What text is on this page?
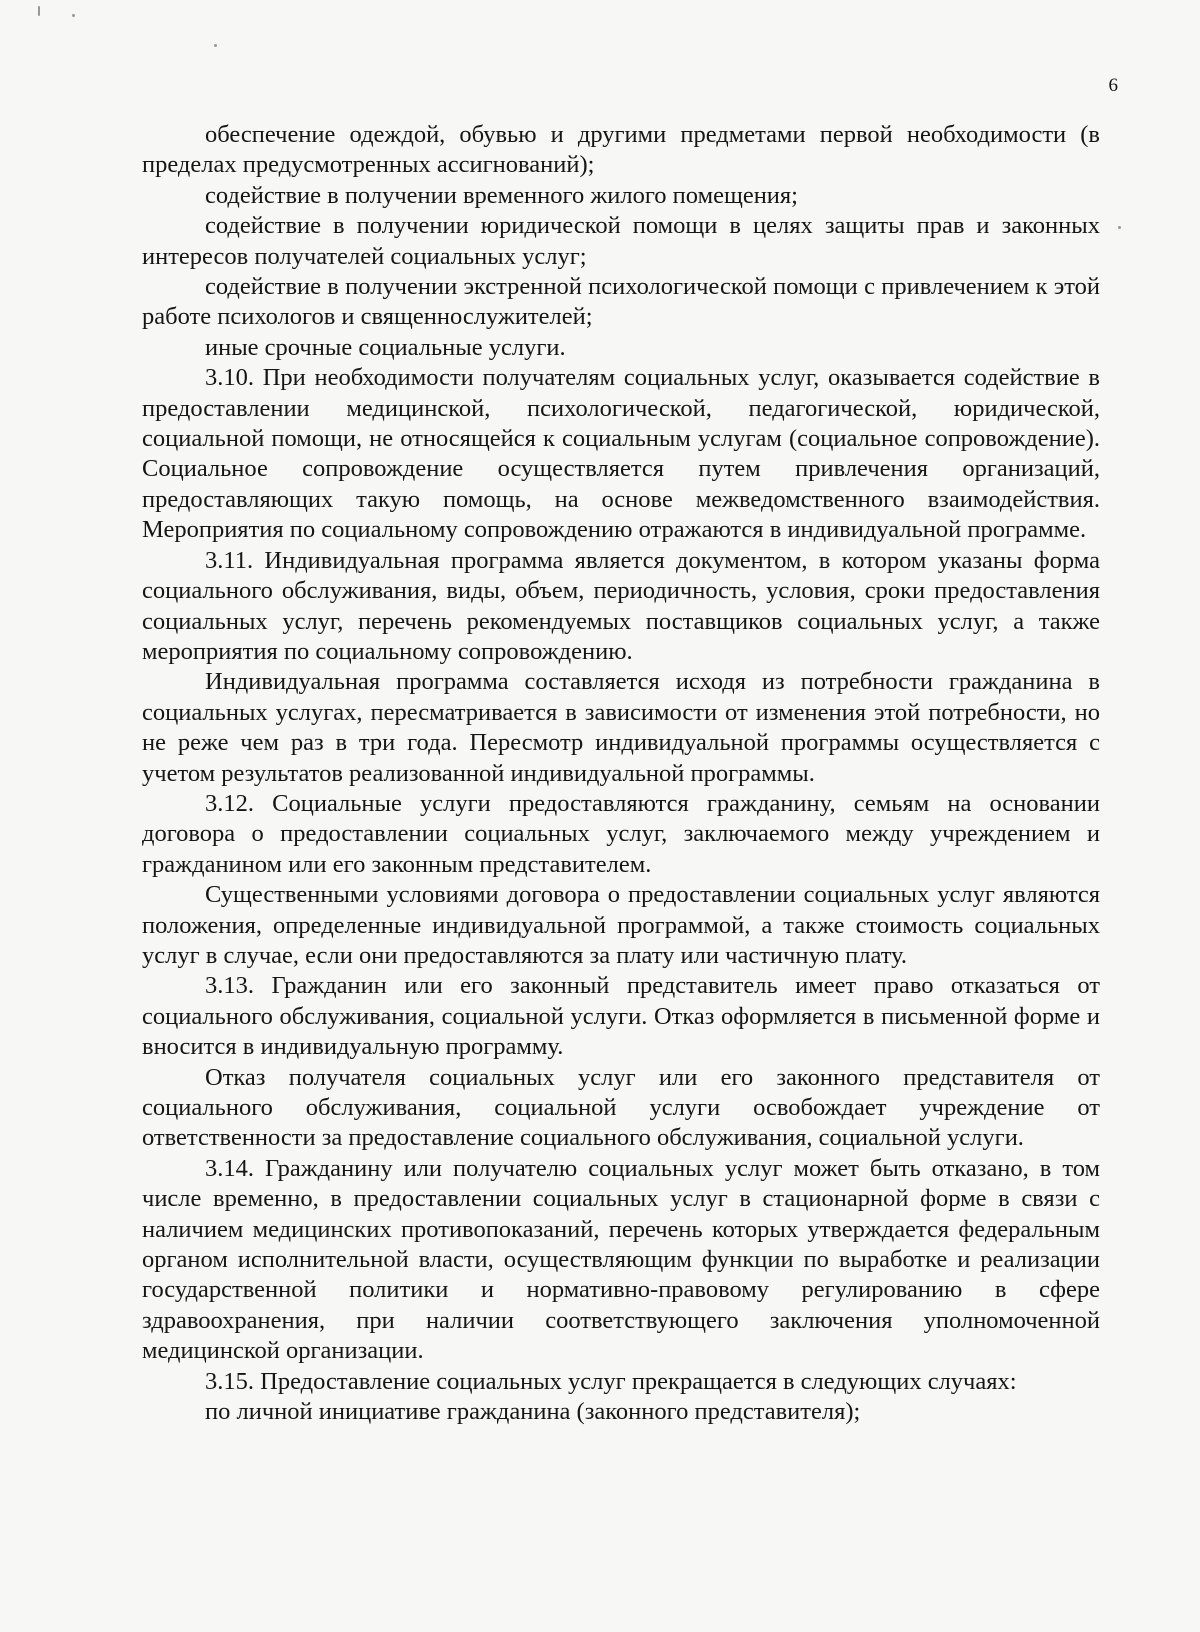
6

обеспечение одеждой, обувью и другими предметами первой необходимости (в пределах предусмотренных ассигнований);

содействие в получении временного жилого помещения;

содействие в получении юридической помощи в целях защиты прав и законных интересов получателей социальных услуг;

содействие в получении экстренной психологической помощи с привлечением к этой работе психологов и священнослужителей;

иные срочные социальные услуги.

3.10. При необходимости получателям социальных услуг, оказывается содействие в предоставлении медицинской, психологической, педагогической, юридической, социальной помощи, не относящейся к социальным услугам (социальное сопровождение). Социальное сопровождение осуществляется путем привлечения организаций, предоставляющих такую помощь, на основе межведомственного взаимодействия. Мероприятия по социальному сопровождению отражаются в индивидуальной программе.

3.11. Индивидуальная программа является документом, в котором указаны форма социального обслуживания, виды, объем, периодичность, условия, сроки предоставления социальных услуг, перечень рекомендуемых поставщиков социальных услуг, а также мероприятия по социальному сопровождению.

Индивидуальная программа составляется исходя из потребности гражданина в социальных услугах, пересматривается в зависимости от изменения этой потребности, но не реже чем раз в три года. Пересмотр индивидуальной программы осуществляется с учетом результатов реализованной индивидуальной программы.

3.12. Социальные услуги предоставляются гражданину, семьям на основании договора о предоставлении социальных услуг, заключаемого между учреждением и гражданином или его законным представителем.

Существенными условиями договора о предоставлении социальных услуг являются положения, определенные индивидуальной программой, а также стоимость социальных услуг в случае, если они предоставляются за плату или частичную плату.

3.13. Гражданин или его законный представитель имеет право отказаться от социального обслуживания, социальной услуги. Отказ оформляется в письменной форме и вносится в индивидуальную программу.

Отказ получателя социальных услуг или его законного представителя от социального обслуживания, социальной услуги освобождает учреждение от ответственности за предоставление социального обслуживания, социальной услуги.

3.14. Гражданину или получателю социальных услуг может быть отказано, в том числе временно, в предоставлении социальных услуг в стационарной форме в связи с наличием медицинских противопоказаний, перечень которых утверждается федеральным органом исполнительной власти, осуществляющим функции по выработке и реализации государственной политики и нормативно-правовому регулированию в сфере здравоохранения, при наличии соответствующего заключения уполномоченной медицинской организации.

3.15. Предоставление социальных услуг прекращается в следующих случаях:

по личной инициативе гражданина (законного представителя);
